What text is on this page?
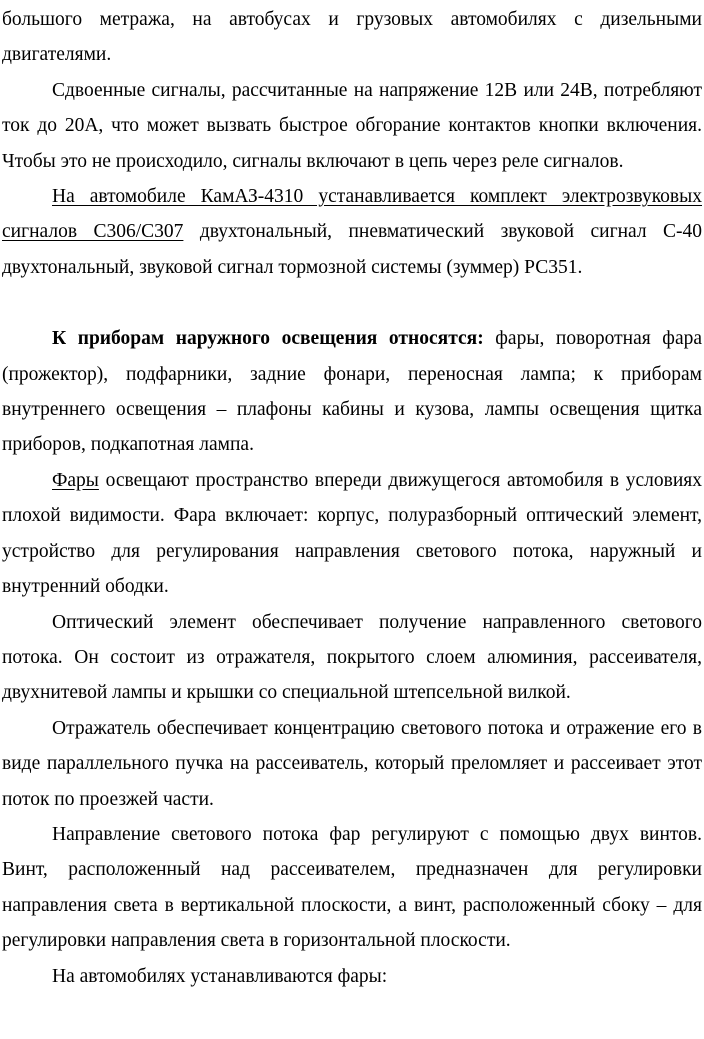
большого метража, на автобусах и грузовых автомобилях с дизельными двигателями.

Сдвоенные сигналы, рассчитанные на напряжение 12В или 24В, потребляют ток до 20А, что может вызвать быстрое обгорание контактов кнопки включения. Чтобы это не происходило, сигналы включают в цепь через реле сигналов.

На автомобиле КамАЗ-4310 устанавливается комплект электрозвуковых сигналов С306/С307 двухтональный, пневматический звуковой сигнал С-40 двухтональный, звуковой сигнал тормозной системы (зуммер) РС351.

К приборам наружного освещения относятся: фары, поворотная фара (прожектор), подфарники, задние фонари, переносная лампа; к приборам внутреннего освещения – плафоны кабины и кузова, лампы освещения щитка приборов, подкапотная лампа.

Фары освещают пространство впереди движущегося автомобиля в условиях плохой видимости. Фара включает: корпус, полуразборный оптический элемент, устройство для регулирования направления светового потока, наружный и внутренний ободки.

Оптический элемент обеспечивает получение направленного светового потока. Он состоит из отражателя, покрытого слоем алюминия, рассеивателя, двухнитевой лампы и крышки со специальной штепсельной вилкой.

Отражатель обеспечивает концентрацию светового потока и отражение его в виде параллельного пучка на рассеиватель, который преломляет и рассеивает этот поток по проезжей части.

Направление светового потока фар регулируют с помощью двух винтов. Винт, расположенный над рассеивателем, предназначен для регулировки направления света в вертикальной плоскости, а винт, расположенный сбоку – для регулировки направления света в горизонтальной плоскости.

На автомобилях устанавливаются фары:
